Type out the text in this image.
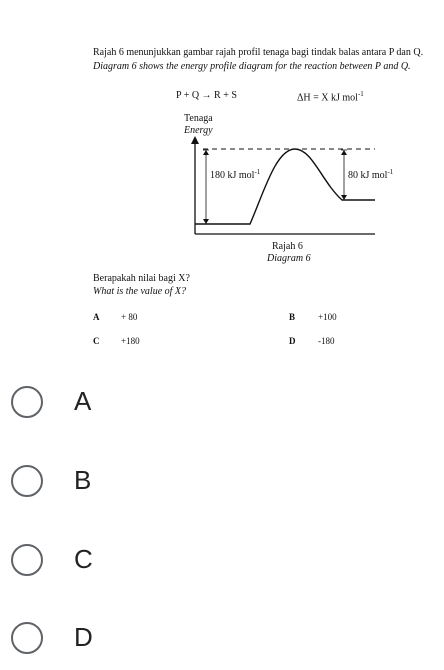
Rajah 6 menunjukkan gambar rajah profil tenaga bagi tindak balas antara P dan Q.
Diagram 6 shows the energy profile diagram for the reaction between P and Q.
P + Q → R + S	ΔH = X kJ mol$^{-1}$
Tenaga
Energy
180 kJ mol$^{-1}$	80 kJ mol$^{-1}$
Rajah 6
Diagram 6
Berapakah nilai bagi X?
What is the value of X?
A + 80	B	+100
C +180	D	-180
A
B
C
D
